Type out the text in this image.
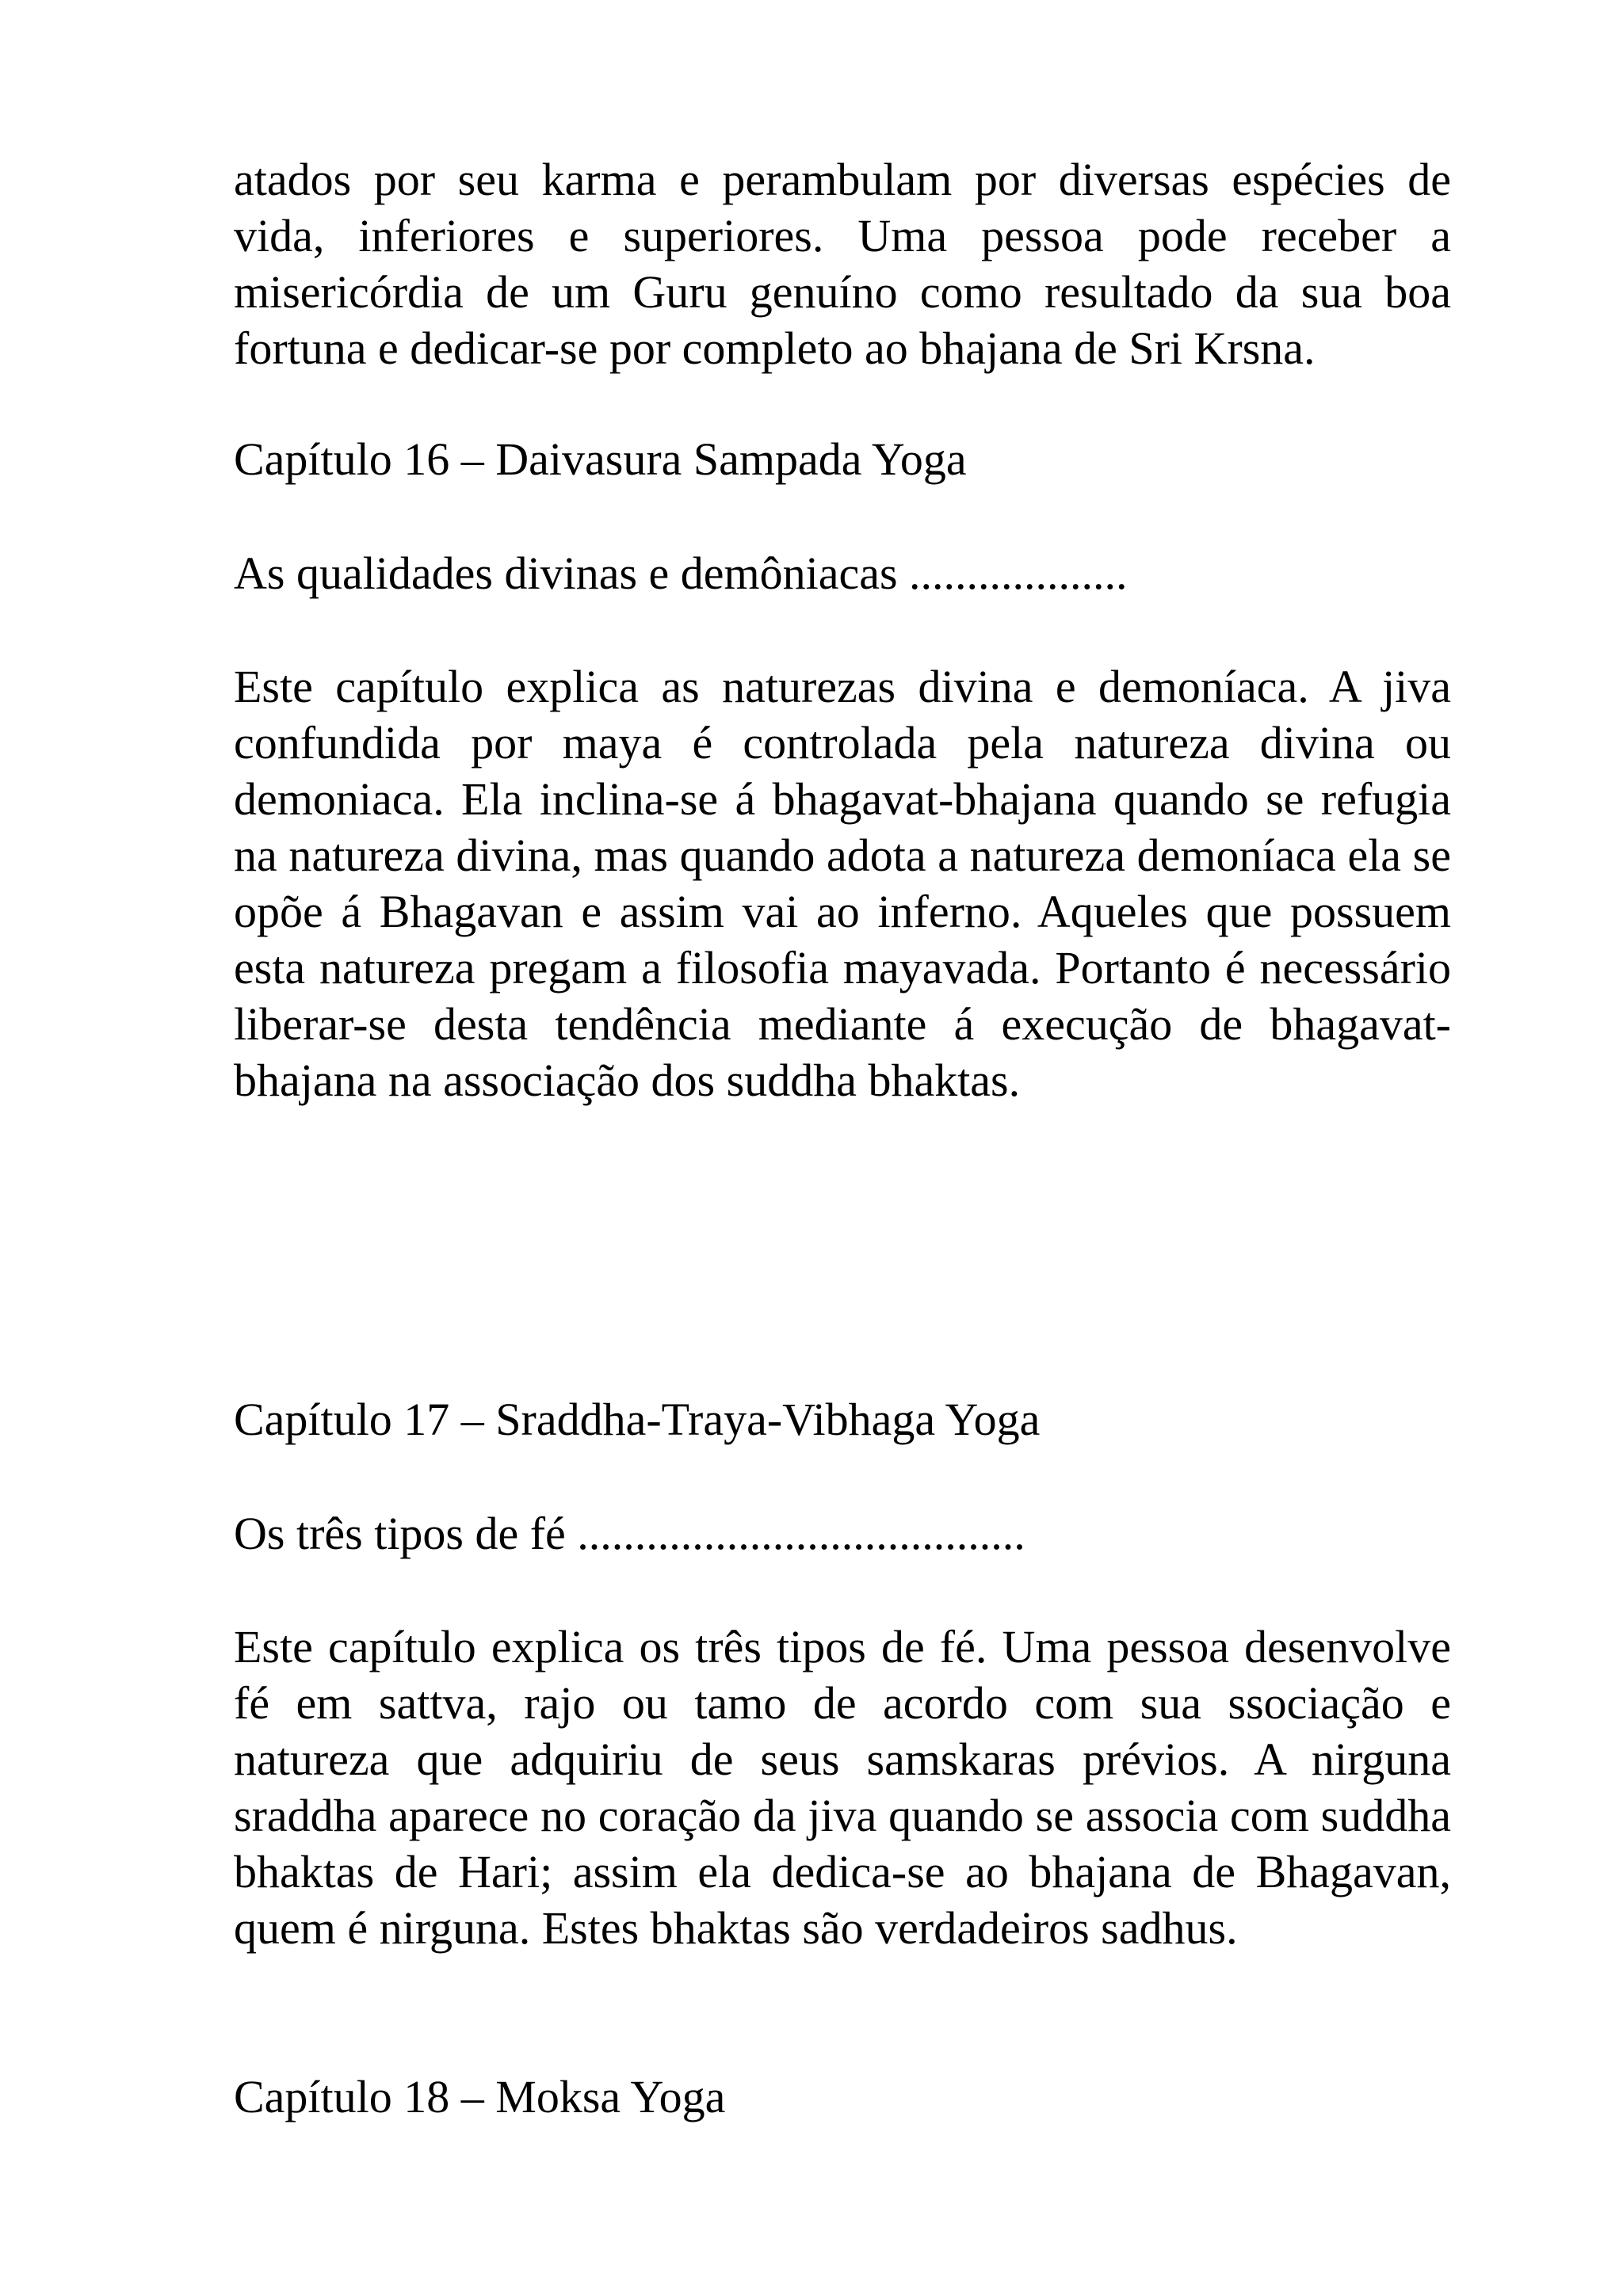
atados por seu karma e perambulam por diversas espécies de vida, inferiores e superiores. Uma pessoa pode receber a misericórdia de um Guru genuíno como resultado da sua boa fortuna e dedicar-se por completo ao bhajana de Sri Krsna.

Capítulo 16 – Daivasura Sampada Yoga

As qualidades divinas e demôniacas ...................

Este capítulo explica as naturezas divina e demoníaca. A jiva confundida por maya é controlada pela natureza divina ou demoniaca. Ela inclina-se á bhagavat-bhajana quando se refugia na natureza divina, mas quando adota a natureza demoníaca ela se opõe á Bhagavan e assim vai ao inferno. Aqueles que possuem esta natureza pregam a filosofia mayavada. Portanto é necessário liberar-se desta tendência mediante á execução de bhagavat-bhajana na associação dos suddha bhaktas.

Capítulo 17 – Sraddha-Traya-Vibhaga Yoga

Os três tipos de fé .......................................

Este capítulo explica os três tipos de fé. Uma pessoa desenvolve fé em sattva, rajo ou tamo de acordo com sua ssociação e natureza que adquiriu de seus samskaras prévios. A nirguna sraddha aparece no coração da jiva quando se associa com suddha bhaktas de Hari; assim ela dedica-se ao bhajana de Bhagavan, quem é nirguna. Estes bhaktas são verdadeiros sadhus.

Capítulo 18 – Moksa Yoga
